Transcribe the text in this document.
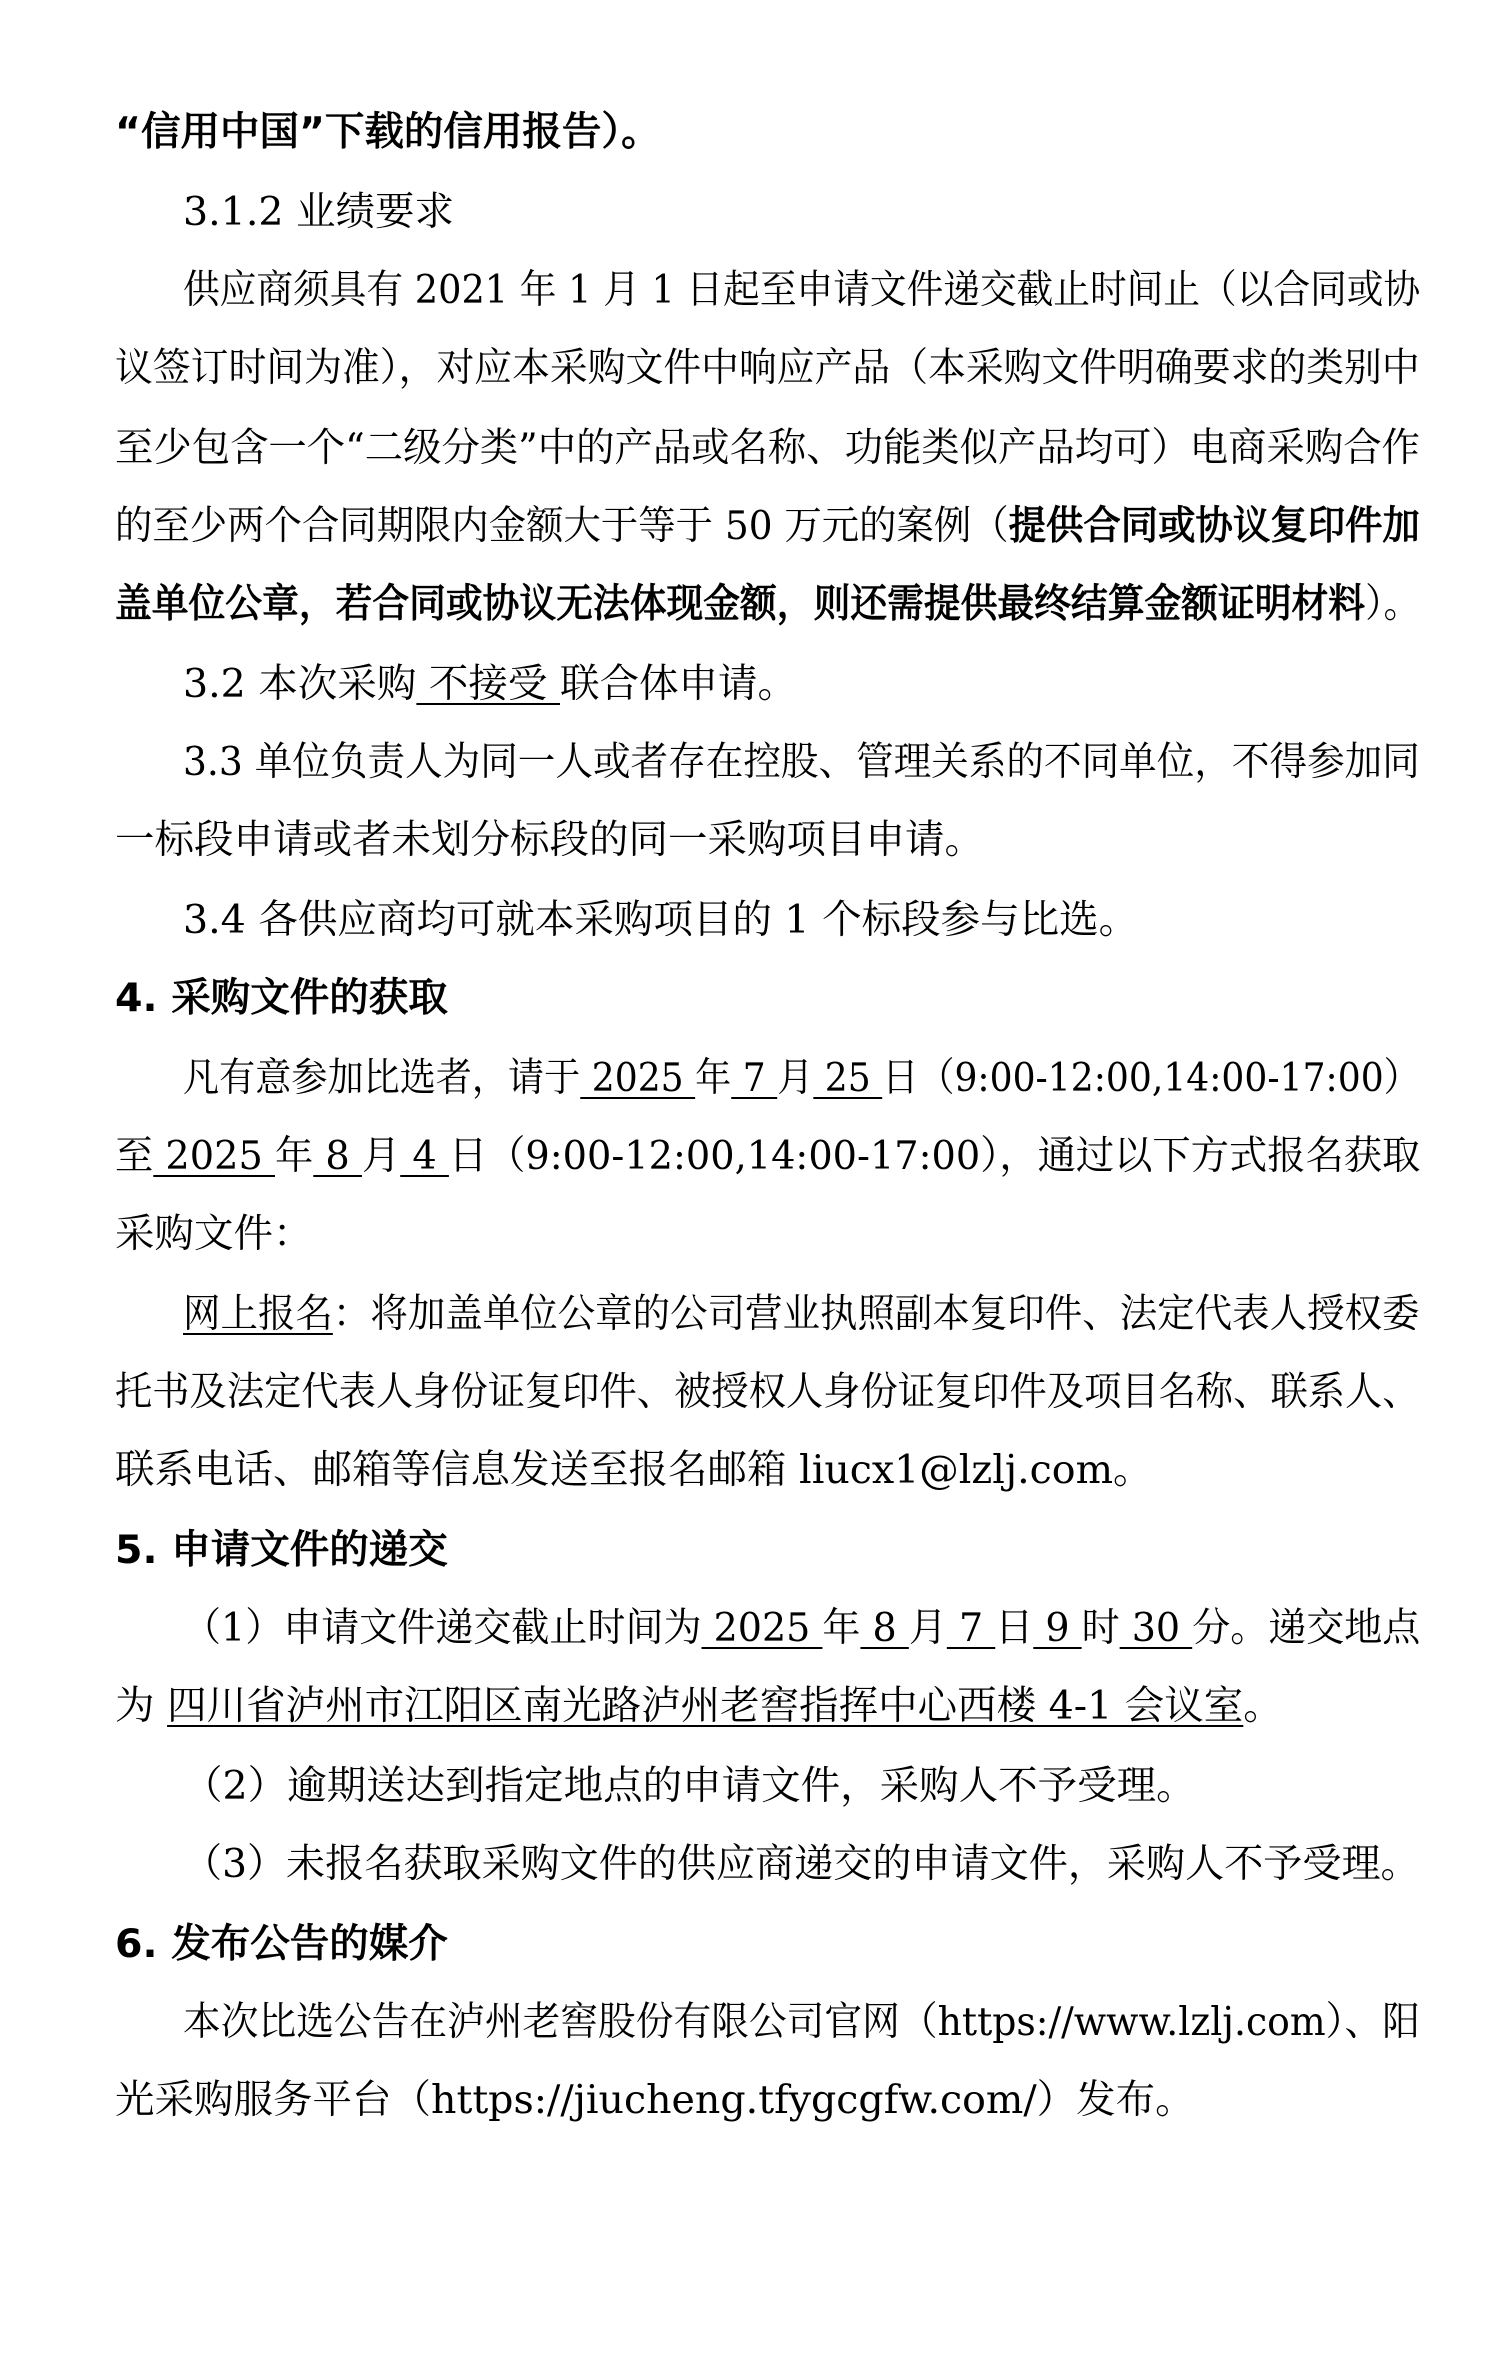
“信用中国”下载的信用报告）。
3.1.2 业绩要求
供应商须具有 2021 年 1 月 1 日起至申请文件递交截止时间止（以合同或协
议签订时间为准），对应本采购文件中响应产品（本采购文件明确要求的类别中
至少包含一个“二级分类”中的产品或名称、功能类似产品均可）电商采购合作
的至少两个合同期限内金额大于等于 50 万元的案例（提供合同或协议复印件加
盖单位公章，若合同或协议无法体现金额，则还需提供最终结算金额证明材料）。
3.2 本次采购 不接受 联合体申请。
3.3 单位负责人为同一人或者存在控股、管理关系的不同单位，不得参加同
一标段申请或者未划分标段的同一采购项目申请。
3.4 各供应商均可就本采购项目的 1 个标段参与比选。
4. 采购文件的获取
凡有意参加比选者，请于 2025 年 7 月 25 日（9:00-12:00,14:00-17:00）
至 2025 年 8 月 4 日（9:00-12:00,14:00-17:00），通过以下方式报名获取
采购文件：
网上报名：将加盖单位公章的公司营业执照副本复印件、法定代表人授权委
托书及法定代表人身份证复印件、被授权人身份证复印件及项目名称、联系人、
联系电话、邮箱等信息发送至报名邮箱 liucx1@lzlj.com。
5. 申请文件的递交
（1）申请文件递交截止时间为 2025 年 8 月 7 日 9 时 30 分。递交地点
为 四川省泸州市江阳区南光路泸州老窖指挥中心西楼 4-1 会议室。
（2）逾期送达到指定地点的申请文件，采购人不予受理。
（3）未报名获取采购文件的供应商递交的申请文件，采购人不予受理。
6. 发布公告的媒介
本次比选公告在泸州老窖股份有限公司官网（https://www.lzlj.com）、阳
光采购服务平台（https://jiucheng.tfygcgfw.com/）发布。
